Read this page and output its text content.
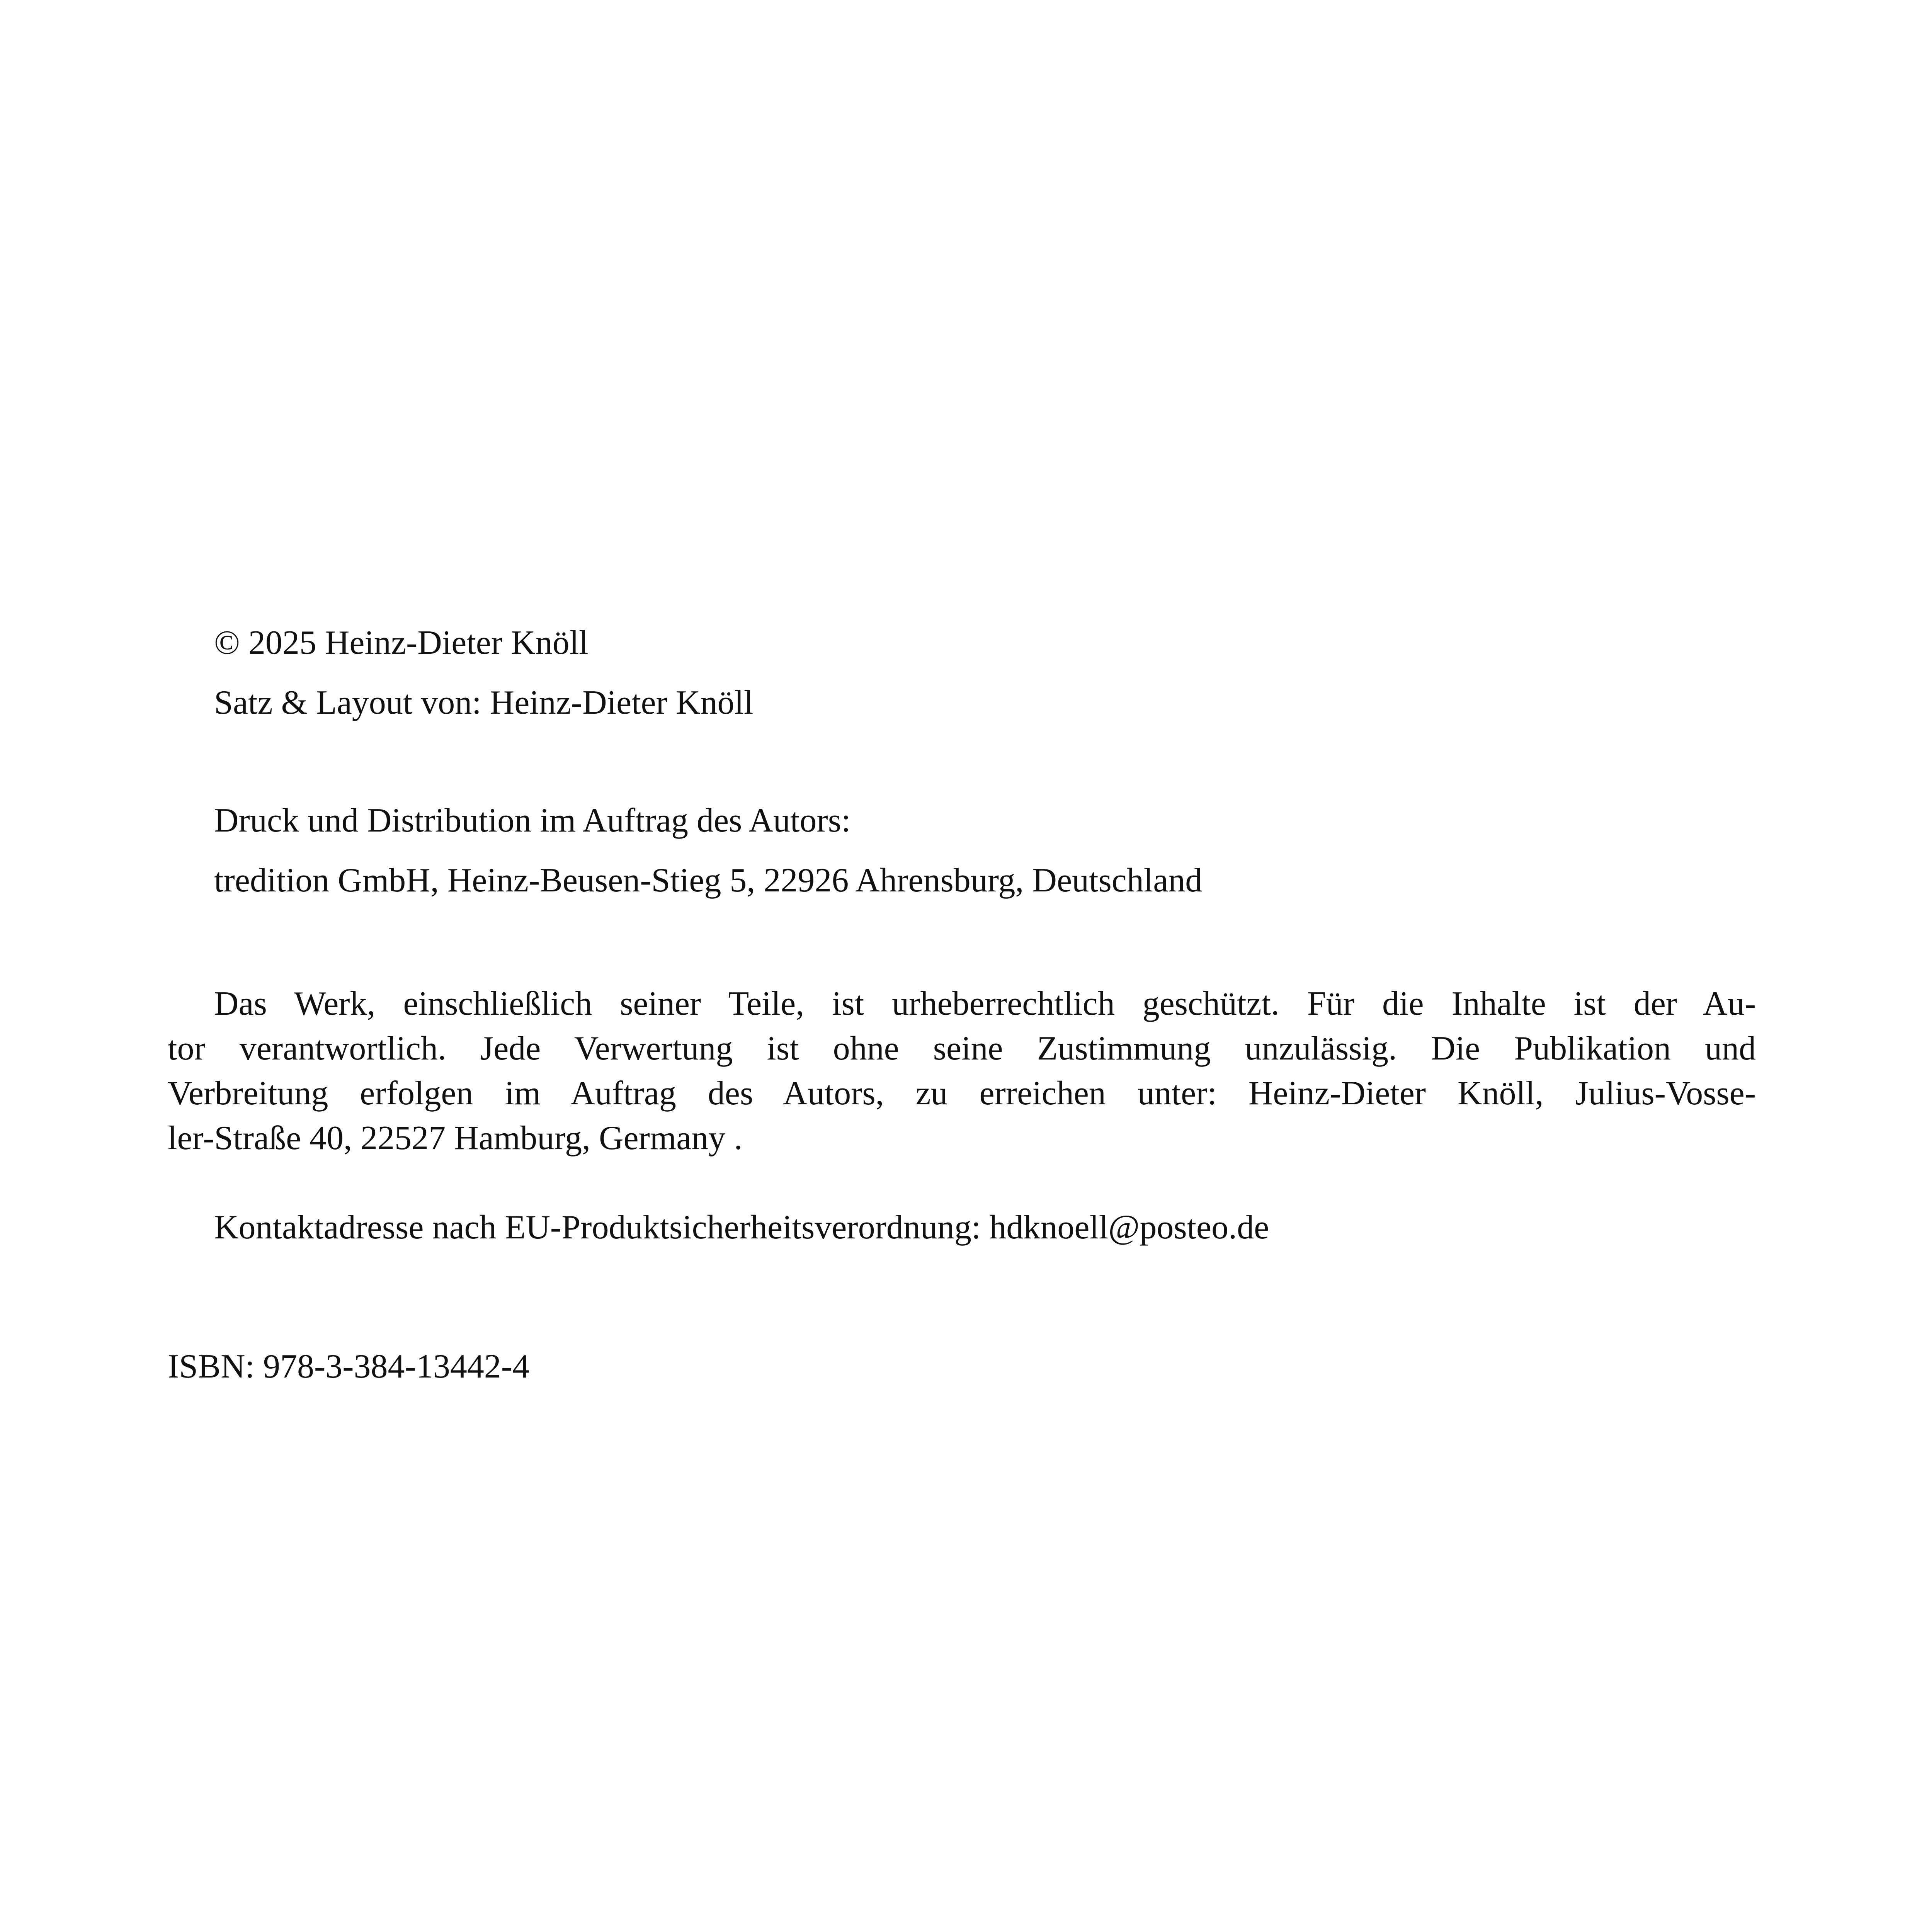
© 2025 Heinz-Dieter Knöll

Satz & Layout von: Heinz-Dieter Knöll

Druck und Distribution im Auftrag des Autors:

tredition GmbH, Heinz-Beusen-Stieg 5, 22926 Ahrensburg, Deutschland

Das Werk, einschließlich seiner Teile, ist urheberrechtlich geschützt. Für die Inhalte ist der Au-
tor verantwortlich. Jede Verwertung ist ohne seine Zustimmung unzulässig. Die Publikation und
Verbreitung erfolgen im Auftrag des Autors, zu erreichen unter: Heinz-Dieter Knöll, Julius-Vosse-
ler-Straße 40, 22527 Hamburg, Germany .

Kontaktadresse nach EU-Produktsicherheitsverordnung: hdknoell@posteo.de

ISBN: 978-3-384-13442-4
